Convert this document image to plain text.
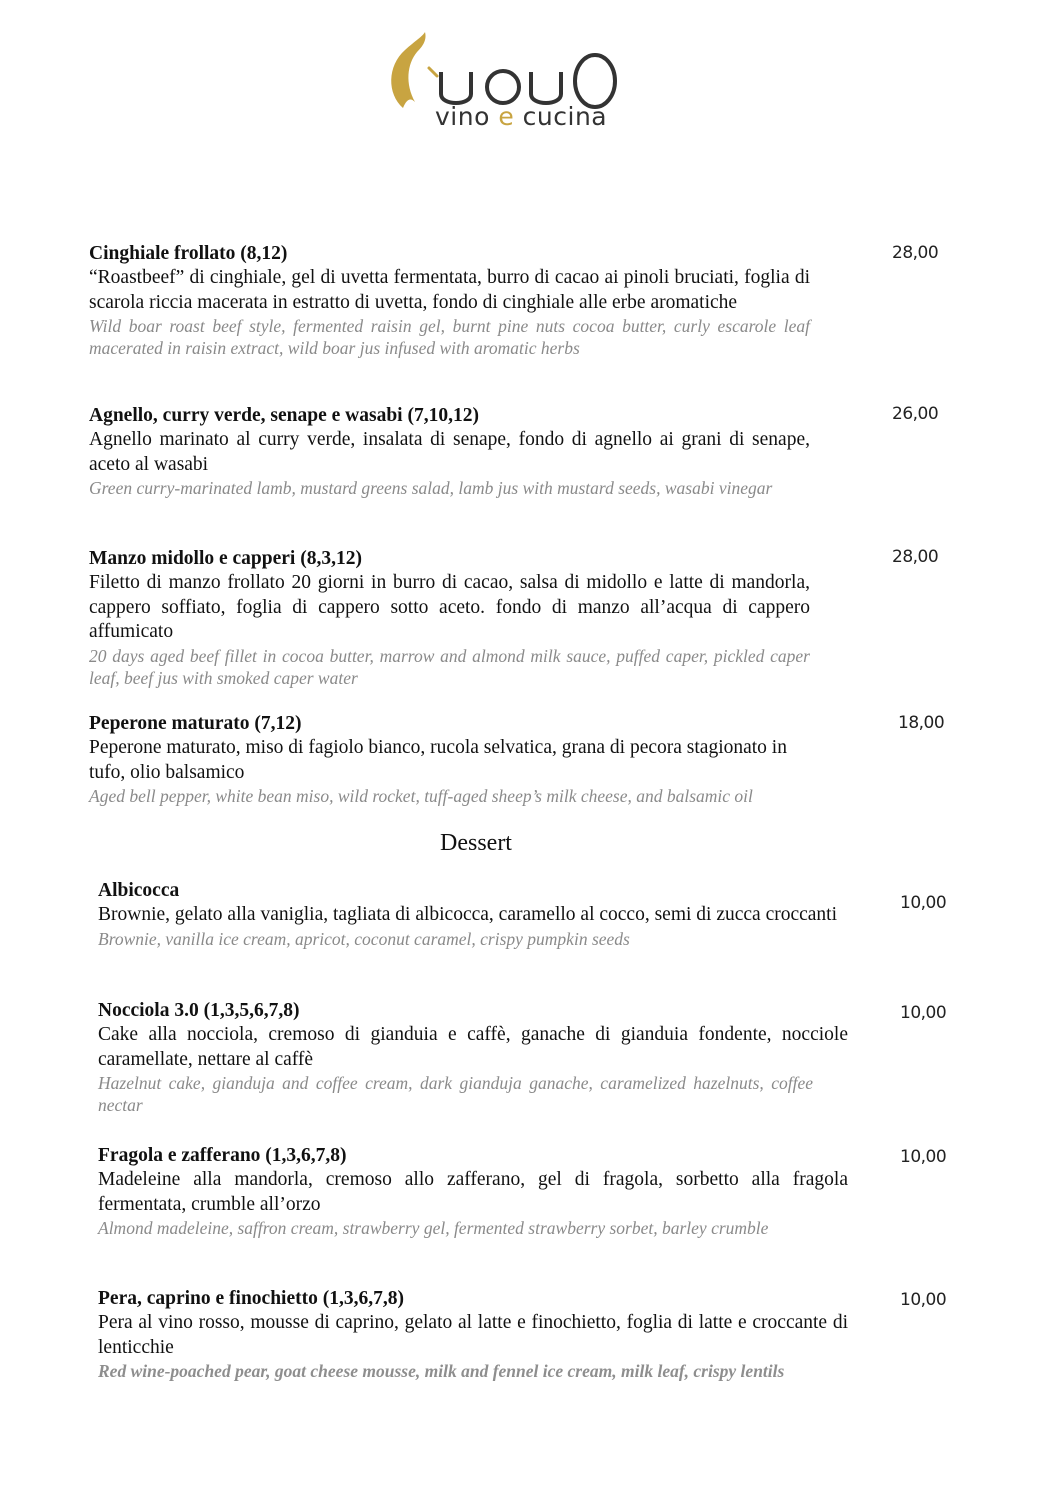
vino e cucina
Cinghiale frollato (8,12)
“Roastbeef” di cinghiale, gel di uvetta fermentata, burro di cacao ai pinoli bruciati, foglia di scarola riccia macerata in estratto di uvetta, fondo di cinghiale alle erbe aromatiche
Wild boar roast beef style, fermented raisin gel, burnt pine nuts cocoa butter, curly escarole leaf macerated in raisin extract, wild boar jus infused with aromatic herbs
28,00
Agnello, curry verde, senape e wasabi (7,10,12)
Agnello marinato al curry verde, insalata di senape, fondo di agnello ai grani di senape, aceto al wasabi
Green curry-marinated lamb, mustard greens salad, lamb jus with mustard seeds, wasabi vinegar
26,00
Manzo midollo e capperi (8,3,12)
Filetto di manzo frollato 20 giorni in burro di cacao, salsa di midollo e latte di mandorla, cappero soffiato, foglia di cappero sotto aceto. fondo di manzo all’acqua di cappero affumicato
20 days aged beef fillet in cocoa butter, marrow and almond milk sauce, puffed caper, pickled caper leaf, beef jus with smoked caper water
28,00
Peperone maturato (7,12)
Peperone maturato, miso di fagiolo bianco, rucola selvatica, grana di pecora stagionato in tufo, olio balsamico
Aged bell pepper, white bean miso, wild rocket, tuff-aged sheep’s milk cheese, and balsamic oil
18,00
Dessert
Albicocca
Brownie, gelato alla vaniglia, tagliata di albicocca, caramello al cocco, semi di zucca croccanti
Brownie, vanilla ice cream, apricot, coconut caramel, crispy pumpkin seeds
10,00
Nocciola 3.0 (1,3,5,6,7,8)
Cake alla nocciola, cremoso di gianduia e caffè, ganache di gianduia fondente, nocciole caramellate, nettare al caffè
Hazelnut cake, gianduja and coffee cream, dark gianduja ganache, caramelized hazelnuts, coffee nectar
10,00
Fragola e zafferano (1,3,6,7,8)
Madeleine alla mandorla, cremoso allo zafferano, gel di fragola, sorbetto alla fragola fermentata, crumble all’orzo
Almond madeleine, saffron cream, strawberry gel, fermented strawberry sorbet, barley crumble
10,00
Pera, caprino e finochietto (1,3,6,7,8)
Pera al vino rosso, mousse di caprino, gelato al latte e finochietto, foglia di latte e croccante di lenticchie
Red wine-poached pear, goat cheese mousse, milk and fennel ice cream, milk leaf, crispy lentils
10,00
